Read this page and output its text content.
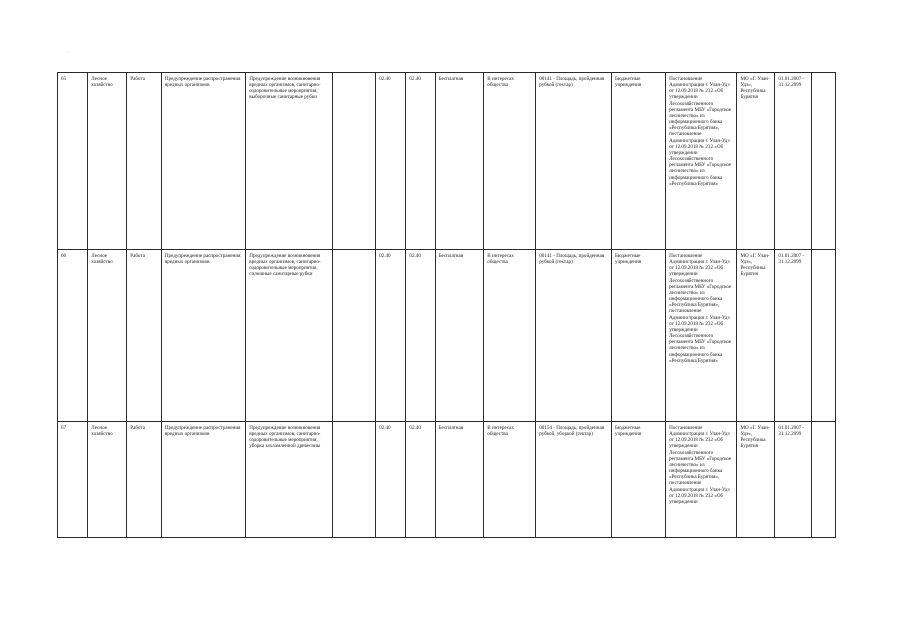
·
65	Лесное хозяйство	Работа	Предупреждение распространения вредных организмов	Предупреждение возникновения вредных организмов, санитарно-оздоровительные мероприятия, выборочные санитарные рубки		02.40	02.40	Бесплатная	В интересах общества	00141 - Площадь, пройденная рубкой (гектар)	Бюджетные учреждения	Постановление Администрации г. Улан-Удэ от 12.09.2018 № 232 «Об утверждении Лесохозяйственного регламента МБУ «Городское лесничество» из информационного банка «Республика Бурятия», постановление Администрации г. Улан-Удэ от 12.09.2018 № 232 «Об утверждении Лесохозяйственного регламента МБУ «Городское лесничество» из информационного банка «Республика Бурятия»	МО «Г. Улан-Удэ», Республика Бурятия	01.01.2007 - 31.12.2099	
66	Лесное хозяйство	Работа	Предупреждение распространения вредных организмов	Предупреждение возникновения вредных организмов, санитарно-оздоровительные мероприятия, сплошные санитарные рубки		02.40	02.40	Бесплатная	В интересах общества	00141 - Площадь, пройденная рубкой (гектар)	Бюджетные учреждения	Постановление Администрации г. Улан-Удэ от 12.09.2018 № 232 «Об утверждении Лесохозяйственного регламента МБУ «Городское лесничество» из информационного банка «Республика Бурятия», постановление Администрации г. Улан-Удэ от 12.09.2018 № 232 «Об утверждении Лесохозяйственного регламента МБУ «Городское лесничество» из информационного банка «Республика Бурятия»	МО «Г. Улан-Удэ», Республика Бурятия	01.01.2007 - 31.12.2099	
67	Лесное хозяйство	Работа	Предупреждение распространения вредных организмов	Предупреждение возникновения вредных организмов, санитарно-оздоровительные мероприятия, уборка захламленной древесины		02.40	02.40	Бесплатная	В интересах общества	00154 - Площадь, пройденная рубкой, уборкой (гектар)	Бюджетные учреждения	Постановление Администрации г. Улан-Удэ от 12.09.2018 № 232 «Об утверждении Лесохозяйственного регламента МБУ «Городское лесничество» из информационного банка «Республика Бурятия», постановление Администрации г. Улан-Удэ от 12.09.2018 № 232 «Об утверждении	МО «Г. Улан-Удэ», Республика Бурятия	01.01.2007 - 31.12.2099	
